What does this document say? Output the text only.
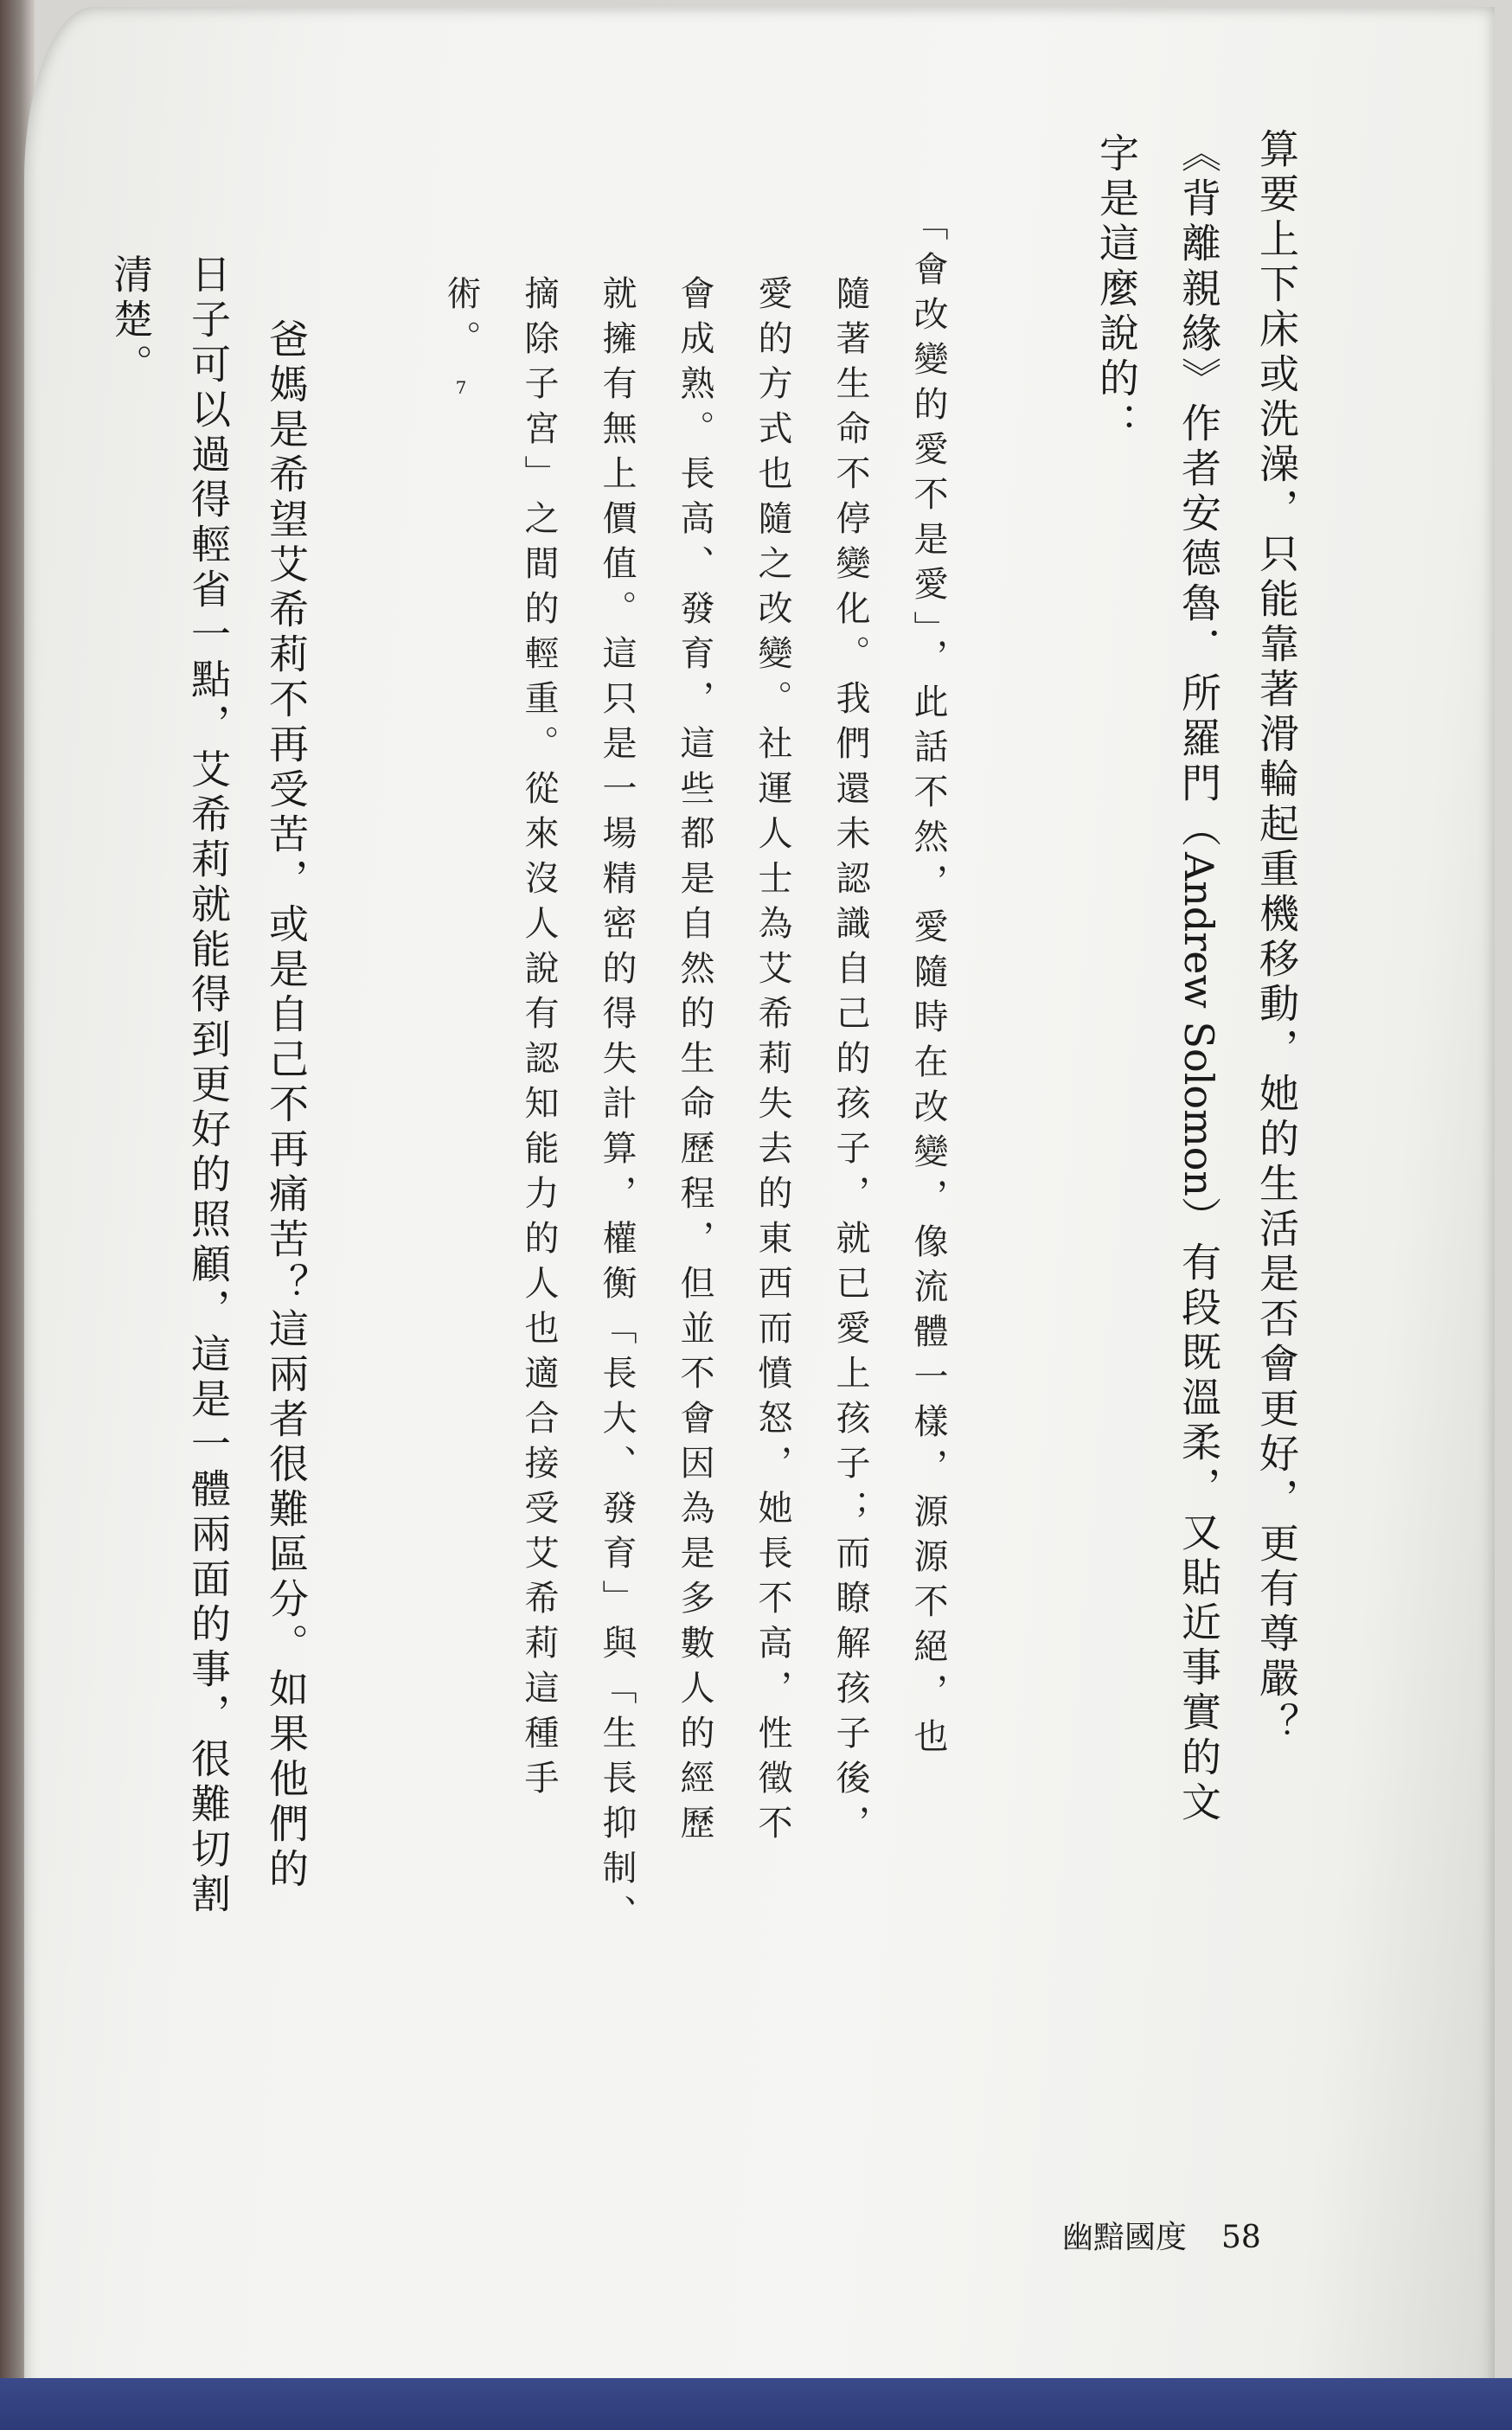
算要上下床或洗澡，只能靠著滑輪起重機移動，她的生活是否會更好，更有尊嚴？
《背離親緣》作者安德魯．所羅門（Andrew Solomon）有段既溫柔，又貼近事實的文
字是這麼說的：
「會改變的愛不是愛」，此話不然，愛隨時在改變，像流體一樣，源源不絕，也
隨著生命不停變化。我們還未認識自己的孩子，就已愛上孩子；而瞭解孩子後，
愛的方式也隨之改變。社運人士為艾希莉失去的東西而憤怒，她長不高，性徵不
會成熟。長高、發育，這些都是自然的生命歷程，但並不會因為是多數人的經歷
就擁有無上價值。這只是一場精密的得失計算，權衡「長大、發育」與「生長抑制、
摘除子宮」之間的輕重。從來沒人說有認知能力的人也適合接受艾希莉這種手
術。7
爸媽是希望艾希莉不再受苦，或是自己不再痛苦？這兩者很難區分。如果他們的
日子可以過得輕省一點，艾希莉就能得到更好的照顧，這是一體兩面的事，很難切割
清楚。
幽黯國度 58
